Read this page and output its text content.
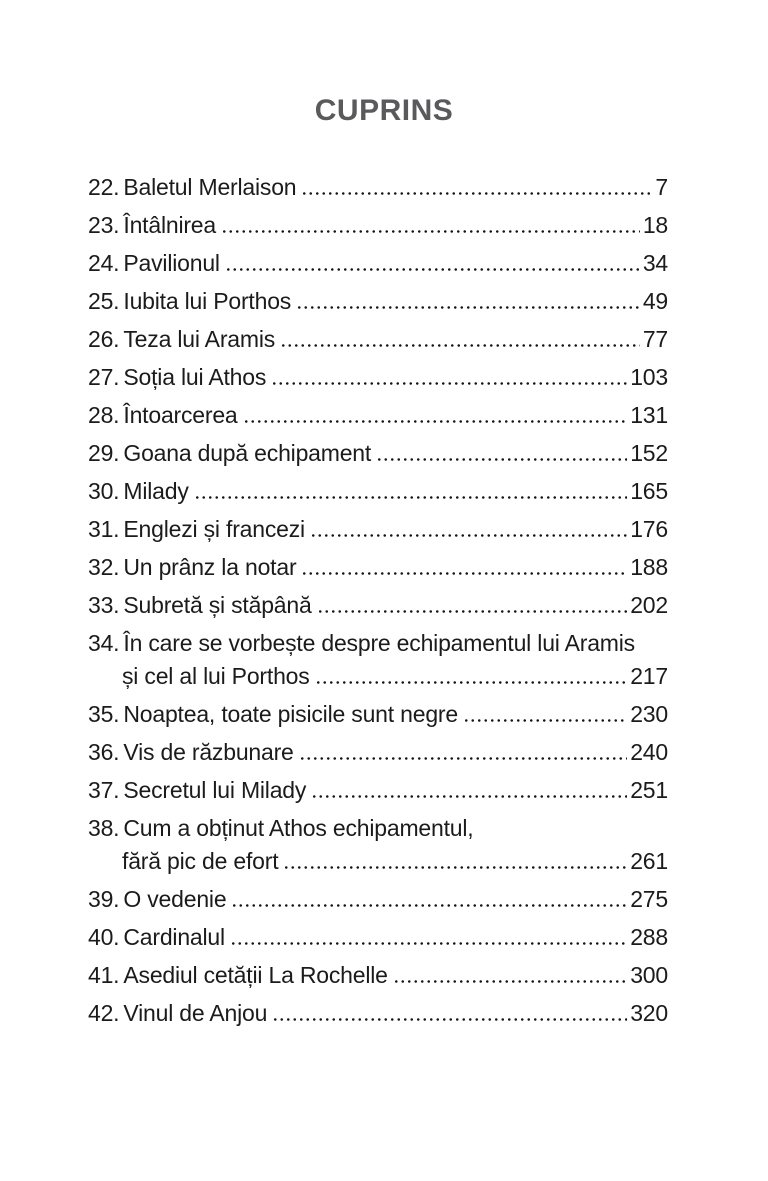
CUPRINS
22. Baletul Merlaison	7
23. Întâlnirea	18
24. Pavilionul	34
25. Iubita lui Porthos	49
26. Teza lui Aramis	77
27. Soția lui Athos	103
28. Întoarcerea	131
29. Goana după echipament	152
30. Milady	165
31. Englezi și francezi	176
32. Un prânz la notar	188
33. Subretă și stăpână	202
34. În care se vorbește despre echipamentul lui Aramis
și cel al lui Porthos	217
35. Noaptea, toate pisicile sunt negre	230
36. Vis de răzbunare	240
37. Secretul lui Milady	251
38. Cum a obținut Athos echipamentul,
fără pic de efort	261
39. O vedenie	275
40. Cardinalul	288
41. Asediul cetății La Rochelle	300
42. Vinul de Anjou	320
